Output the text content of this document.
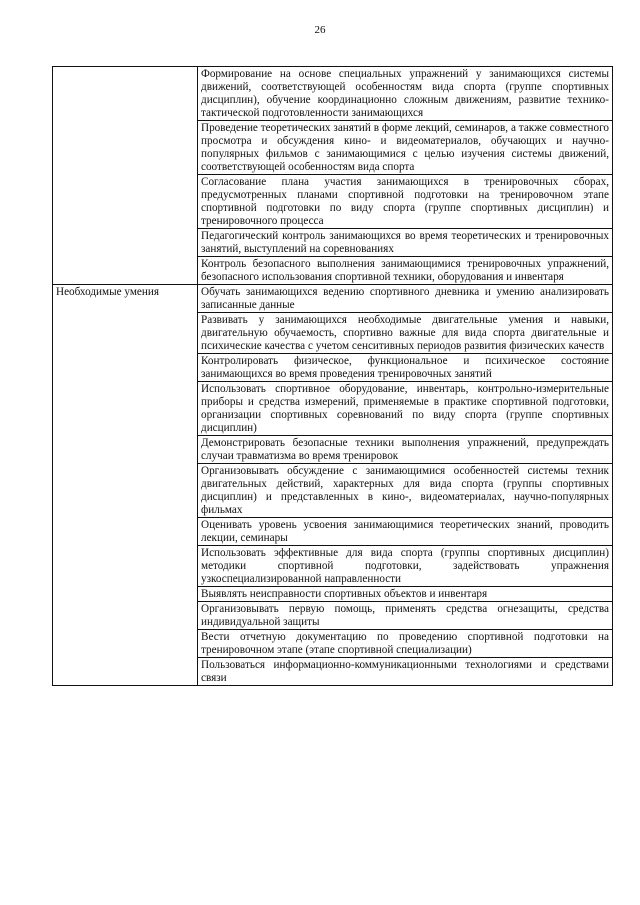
26
	Формирование на основе специальных упражнений у занимающихся системы движений, соответствующей особенностям вида спорта (группе спортивных дисциплин), обучение координационно сложным движениям, развитие технико-тактической подготовленности занимающихся
	Проведение теоретических занятий в форме лекций, семинаров, а также совместного просмотра и обсуждения кино- и видеоматериалов, обучающих и научно-популярных фильмов с занимающимися с целью изучения системы движений, соответствующей особенностям вида спорта
	Согласование плана участия занимающихся в тренировочных сборах, предусмотренных планами спортивной подготовки на тренировочном этапе спортивной подготовки по виду спорта (группе спортивных дисциплин) и тренировочного процесса
	Педагогический контроль занимающихся во время теоретических и тренировочных занятий, выступлений на соревнованиях
	Контроль безопасного выполнения занимающимися тренировочных упражнений, безопасного использования спортивной техники, оборудования и инвентаря
Необходимые умения	Обучать занимающихся ведению спортивного дневника и умению анализировать записанные данные
	Развивать у занимающихся необходимые двигательные умения и навыки, двигательную обучаемость, спортивно важные для вида спорта двигательные и психические качества с учетом сенситивных периодов развития физических качеств
	Контролировать физическое, функциональное и психическое состояние занимающихся во время проведения тренировочных занятий
	Использовать спортивное оборудование, инвентарь, контрольно-измерительные приборы и средства измерений, применяемые в практике спортивной подготовки, организации спортивных соревнований по виду спорта (группе спортивных дисциплин)
	Демонстрировать безопасные техники выполнения упражнений, предупреждать случаи травматизма во время тренировок
	Организовывать обсуждение с занимающимися особенностей системы техник двигательных действий, характерных для вида спорта (группы спортивных дисциплин) и представленных в кино-, видеоматериалах, научно-популярных фильмах
	Оценивать уровень усвоения занимающимися теоретических знаний, проводить лекции, семинары
	Использовать эффективные для вида спорта (группы спортивных дисциплин) методики спортивной подготовки, задействовать упражнения узкоспециализированной направленности
	Выявлять неисправности спортивных объектов и инвентаря
	Организовывать первую помощь, применять средства огнезащиты, средства индивидуальной защиты
	Вести отчетную документацию по проведению спортивной подготовки на тренировочном этапе (этапе спортивной специализации)
	Пользоваться информационно-коммуникационными технологиями и средствами связи
